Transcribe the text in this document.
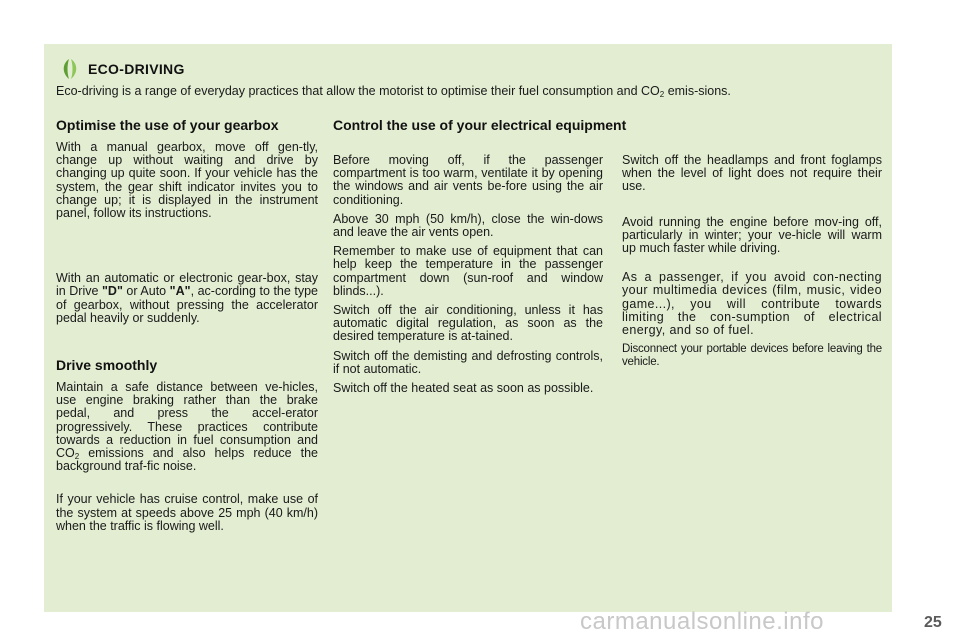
ECO-DRIVING
Eco-driving is a range of everyday practices that allow the motorist to optimise their fuel consumption and $CO_2$ emis-sions.
Optimise the use of your gearbox

With a manual gearbox, move off gen-tly, change up without waiting and drive by changing up quite soon. If your vehicle has the system, the gear shift indicator invites you to change up; it is displayed in the instrument panel, follow its instructions.

With an automatic or electronic gear-box, stay in Drive "D" or Auto "A", ac-cording to the type of gearbox, without pressing the accelerator pedal heavily or suddenly.

Drive smoothly

Maintain a safe distance between ve-hicles, use engine braking rather than the brake pedal, and press the accel-erator progressively. These practices contribute towards a reduction in fuel consumption and $CO_2$ emissions and also helps reduce the background traf-fic noise.

If your vehicle has cruise control, make use of the system at speeds above 25 mph (40 km/h) when the traffic is flowing well.

Control the use of your electrical equipment

Before moving off, if the passenger compartment is too warm, ventilate it by opening the windows and air vents be-fore using the air conditioning.

Above 30 mph (50 km/h), close the win-dows and leave the air vents open.

Remember to make use of equipment that can help keep the temperature in the passenger compartment down (sun-roof and window blinds...).

Switch off the air conditioning, unless it has automatic digital regulation, as soon as the desired temperature is at-tained.

Switch off the demisting and defrosting controls, if not automatic.

Switch off the heated seat as soon as possible.

Switch off the headlamps and front foglamps when the level of light does not require their use.

Avoid running the engine before mov-ing off, particularly in winter; your ve-hicle will warm up much faster while driving.

As a passenger, if you avoid con-necting your multimedia devices (film, music, video game...), you will contribute towards limiting the con-sumption of electrical energy, and so of fuel.

Disconnect your portable devices before leaving the vehicle.

carmanualsonline.info	25
